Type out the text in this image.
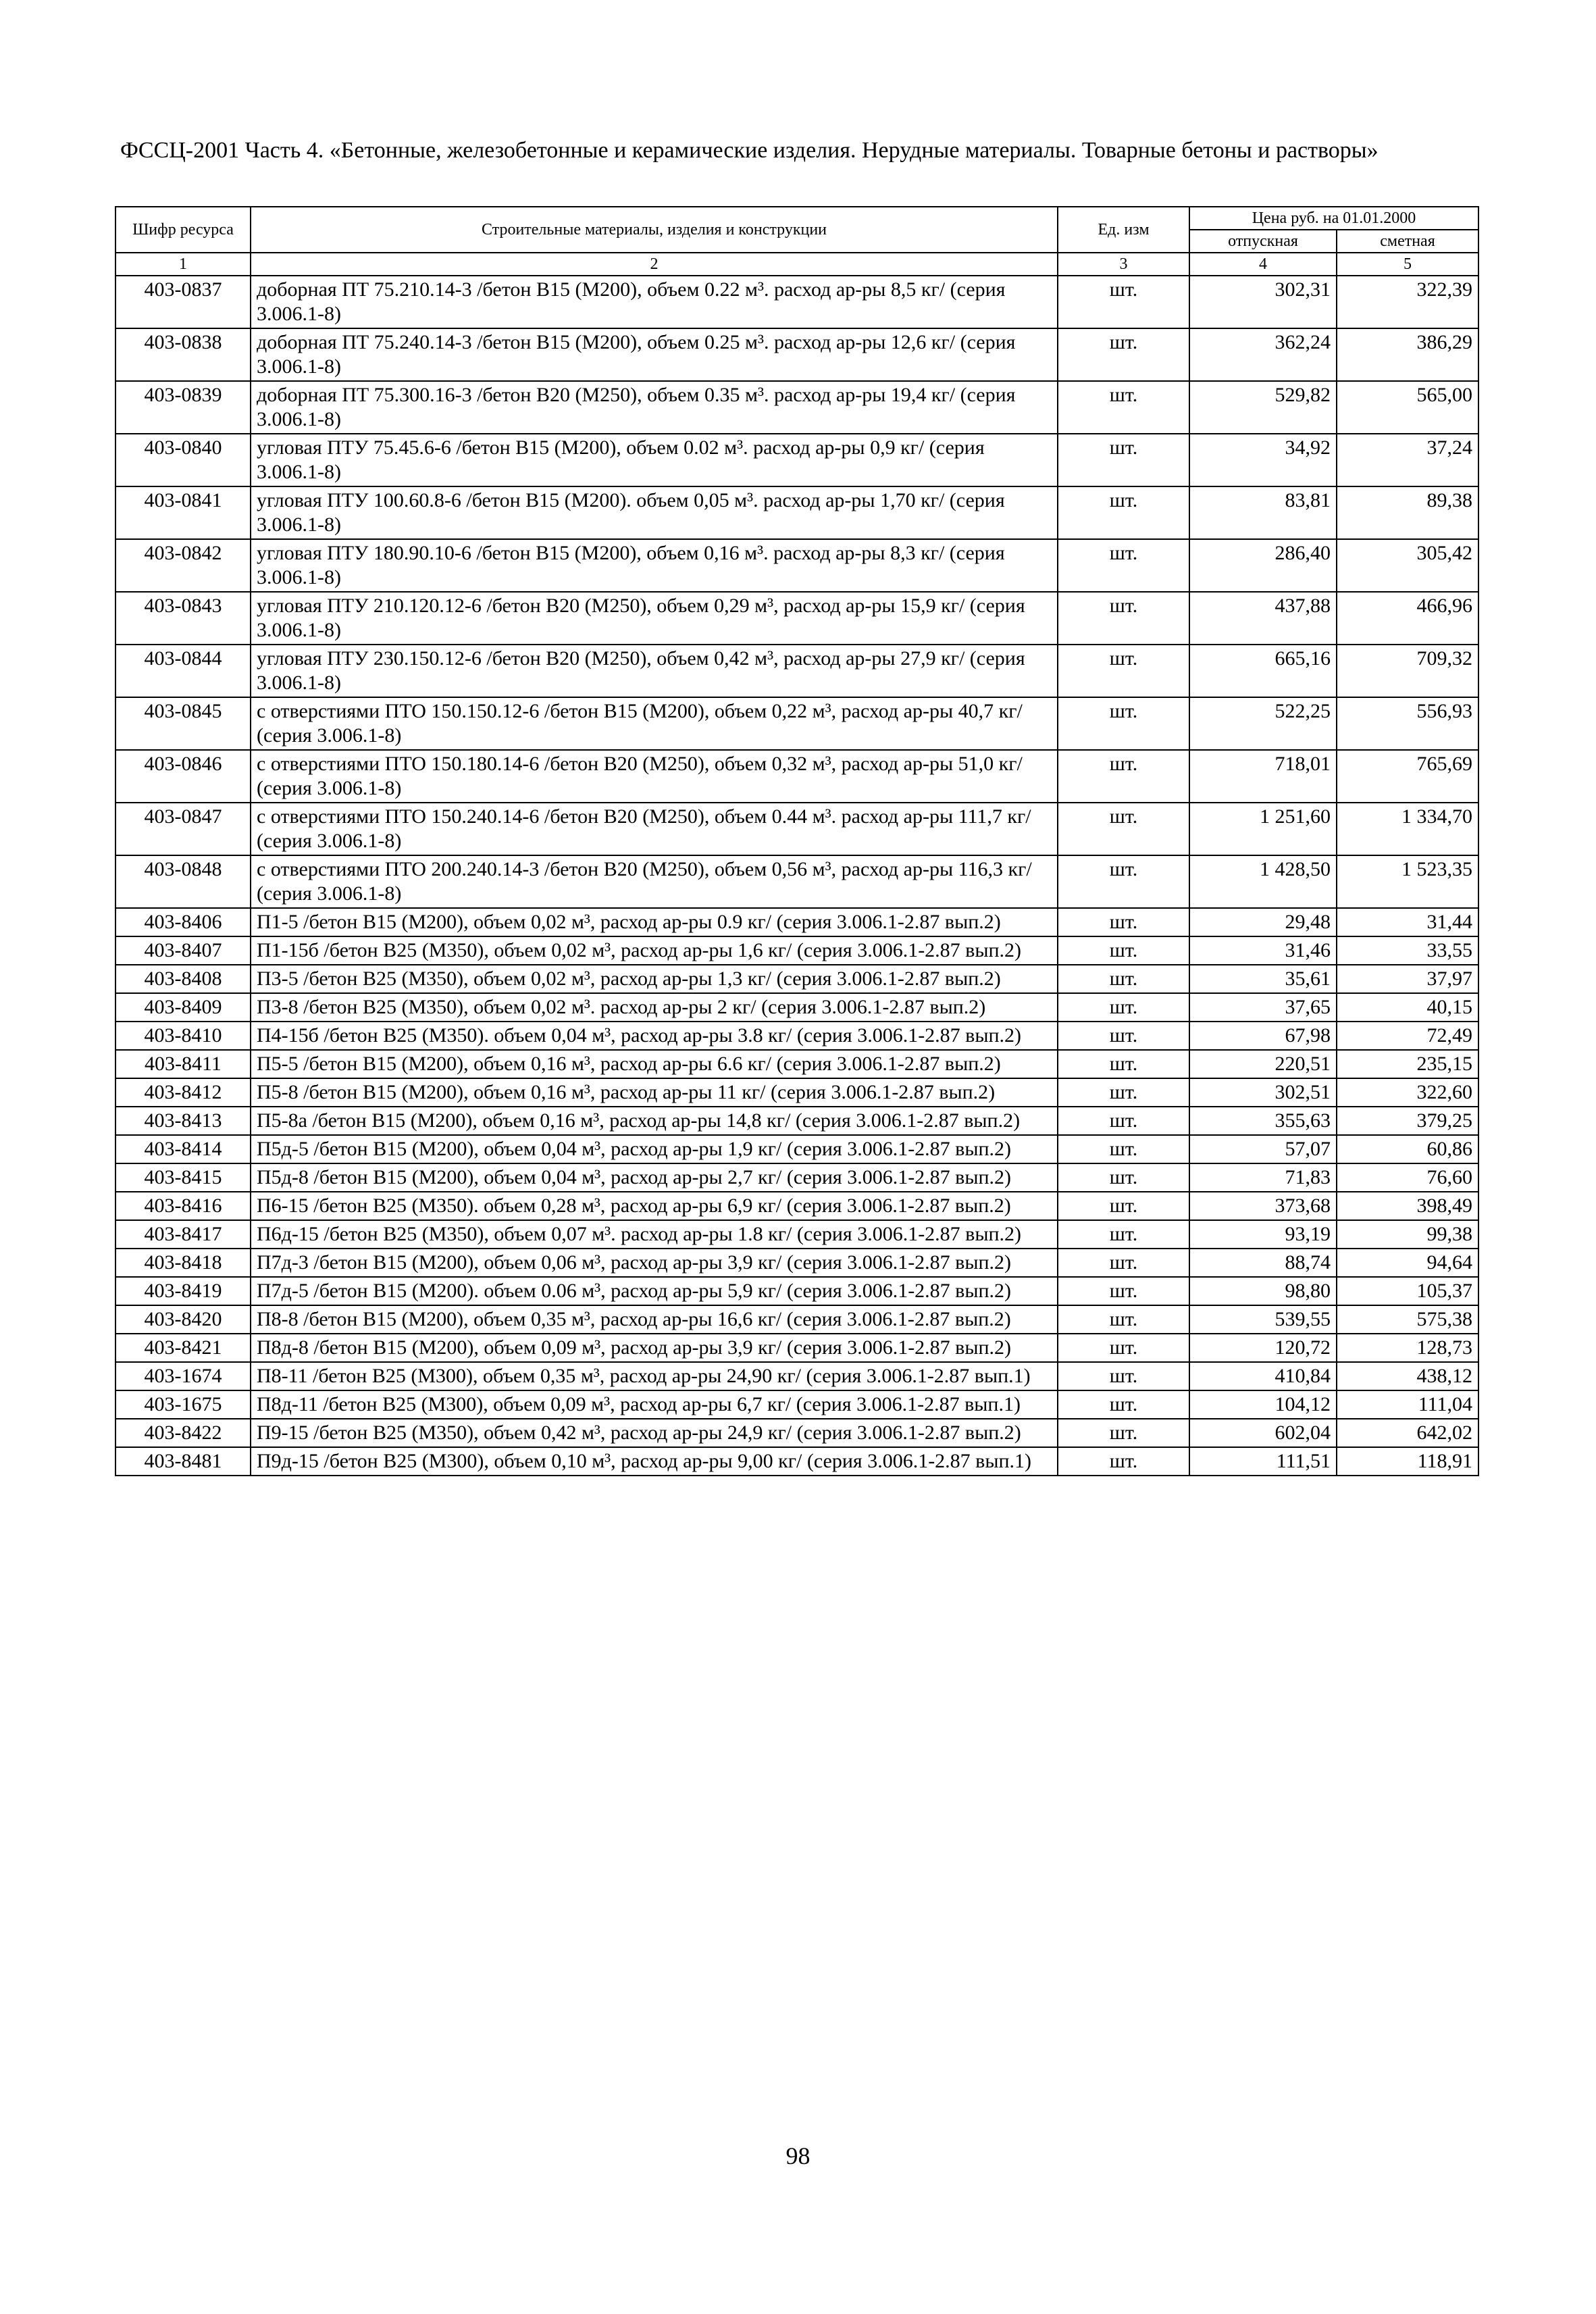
ФССЦ-2001 Часть 4. «Бетонные, железобетонные и керамические изделия. Нерудные материалы. Товарные бетоны и растворы»
Шифр ресурса	Строительные материалы, изделия и конструкции	Ед. изм	Цена руб. на 01.01.2000	
			отпускная	сметная
1	2	3	4	5
403-0837	доборная ПТ 75.210.14-3 /бетон В15 (М200), объем 0.22 м³. расход ар-ры 8,5 кг/ (серия 3.006.1-8)	шт.	302,31	322,39
403-0838	доборная ПТ 75.240.14-3 /бетон В15 (М200), объем 0.25 м³. расход ар-ры 12,6 кг/ (серия 3.006.1-8)	шт.	362,24	386,29
403-0839	доборная ПТ 75.300.16-3 /бетон В20 (М250), объем 0.35 м³. расход ар-ры 19,4 кг/ (серия 3.006.1-8)	шт.	529,82	565,00
403-0840	угловая ПТУ 75.45.6-6 /бетон В15 (М200), объем 0.02 м³. расход ар-ры 0,9 кг/ (серия 3.006.1-8)	шт.	34,92	37,24
403-0841	угловая ПТУ 100.60.8-6 /бетон В15 (М200). объем 0,05 м³. расход ар-ры 1,70 кг/ (серия 3.006.1-8)	шт.	83,81	89,38
403-0842	угловая ПТУ 180.90.10-6 /бетон В15 (М200), объем 0,16 м³. расход ар-ры 8,3 кг/ (серия 3.006.1-8)	шт.	286,40	305,42
403-0843	угловая ПТУ 210.120.12-6 /бетон В20 (М250), объем 0,29 м³, расход ар-ры 15,9 кг/ (серия 3.006.1-8)	шт.	437,88	466,96
403-0844	угловая ПТУ 230.150.12-6 /бетон В20 (М250), объем 0,42 м³, расход ар-ры 27,9 кг/ (серия 3.006.1-8)	шт.	665,16	709,32
403-0845	с отверстиями ПТО 150.150.12-6 /бетон В15 (М200), объем 0,22 м³, расход ар-ры 40,7 кг/ (серия 3.006.1-8)	шт.	522,25	556,93
403-0846	с отверстиями ПТО 150.180.14-6 /бетон В20 (М250), объем 0,32 м³, расход ар-ры 51,0 кг/ (серия 3.006.1-8)	шт.	718,01	765,69
403-0847	с отверстиями ПТО 150.240.14-6 /бетон В20 (М250), объем 0.44 м³. расход ар-ры 111,7 кг/ (серия 3.006.1-8)	шт.	1 251,60	1 334,70
403-0848	с отверстиями ПТО 200.240.14-3 /бетон В20 (М250), объем 0,56 м³, расход ар-ры 116,3 кг/ (серия 3.006.1-8)	шт.	1 428,50	1 523,35
403-8406	П1-5 /бетон В15 (М200), объем 0,02 м³, расход ар-ры 0.9 кг/ (серия 3.006.1-2.87 вып.2)	шт.	29,48	31,44
403-8407	П1-15б /бетон В25 (М350), объем 0,02 м³, расход ар-ры 1,6 кг/ (серия 3.006.1-2.87 вып.2)	шт.	31,46	33,55
403-8408	П3-5 /бетон В25 (М350), объем 0,02 м³, расход ар-ры 1,3 кг/ (серия 3.006.1-2.87 вып.2)	шт.	35,61	37,97
403-8409	П3-8 /бетон В25 (М350), объем 0,02 м³. расход ар-ры 2 кг/ (серия 3.006.1-2.87 вып.2)	шт.	37,65	40,15
403-8410	П4-15б /бетон В25 (М350). объем 0,04 м³, расход ар-ры 3.8 кг/ (серия 3.006.1-2.87 вып.2)	шт.	67,98	72,49
403-8411	П5-5 /бетон В15 (М200), объем 0,16 м³, расход ар-ры 6.6 кг/ (серия 3.006.1-2.87 вып.2)	шт.	220,51	235,15
403-8412	П5-8 /бетон В15 (М200), объем 0,16 м³, расход ар-ры 11 кг/ (серия 3.006.1-2.87 вып.2)	шт.	302,51	322,60
403-8413	П5-8а /бетон В15 (М200), объем 0,16 м³, расход ар-ры 14,8 кг/ (серия 3.006.1-2.87 вып.2)	шт.	355,63	379,25
403-8414	П5д-5 /бетон В15 (М200), объем 0,04 м³, расход ар-ры 1,9 кг/ (серия 3.006.1-2.87 вып.2)	шт.	57,07	60,86
403-8415	П5д-8 /бетон В15 (М200), объем 0,04 м³, расход ар-ры 2,7 кг/ (серия 3.006.1-2.87 вып.2)	шт.	71,83	76,60
403-8416	П6-15 /бетон В25 (М350). объем 0,28 м³, расход ар-ры 6,9 кг/ (серия 3.006.1-2.87 вып.2)	шт.	373,68	398,49
403-8417	П6д-15 /бетон В25 (М350), объем 0,07 м³. расход ар-ры 1.8 кг/ (серия 3.006.1-2.87 вып.2)	шт.	93,19	99,38
403-8418	П7д-3 /бетон В15 (М200), объем 0,06 м³, расход ар-ры 3,9 кг/ (серия 3.006.1-2.87 вып.2)	шт.	88,74	94,64
403-8419	П7д-5 /бетон В15 (М200). объем 0.06 м³, расход ар-ры 5,9 кг/ (серия 3.006.1-2.87 вып.2)	шт.	98,80	105,37
403-8420	П8-8 /бетон В15 (М200), объем 0,35 м³, расход ар-ры 16,6 кг/ (серия 3.006.1-2.87 вып.2)	шт.	539,55	575,38
403-8421	П8д-8 /бетон В15 (М200), объем 0,09 м³, расход ар-ры 3,9 кг/ (серия 3.006.1-2.87 вып.2)	шт.	120,72	128,73
403-1674	П8-11 /бетон В25 (М300), объем 0,35 м³, расход ар-ры 24,90 кг/ (серия 3.006.1-2.87 вып.1)	шт.	410,84	438,12
403-1675	П8д-11 /бетон В25 (М300), объем 0,09 м³, расход ар-ры 6,7 кг/ (серия 3.006.1-2.87 вып.1)	шт.	104,12	111,04
403-8422	П9-15 /бетон В25 (М350), объем 0,42 м³, расход ар-ры 24,9 кг/ (серия 3.006.1-2.87 вып.2)	шт.	602,04	642,02
403-8481	П9д-15 /бетон В25 (М300), объем 0,10 м³, расход ар-ры 9,00 кг/ (серия 3.006.1-2.87 вып.1)	шт.	111,51	118,91
98
